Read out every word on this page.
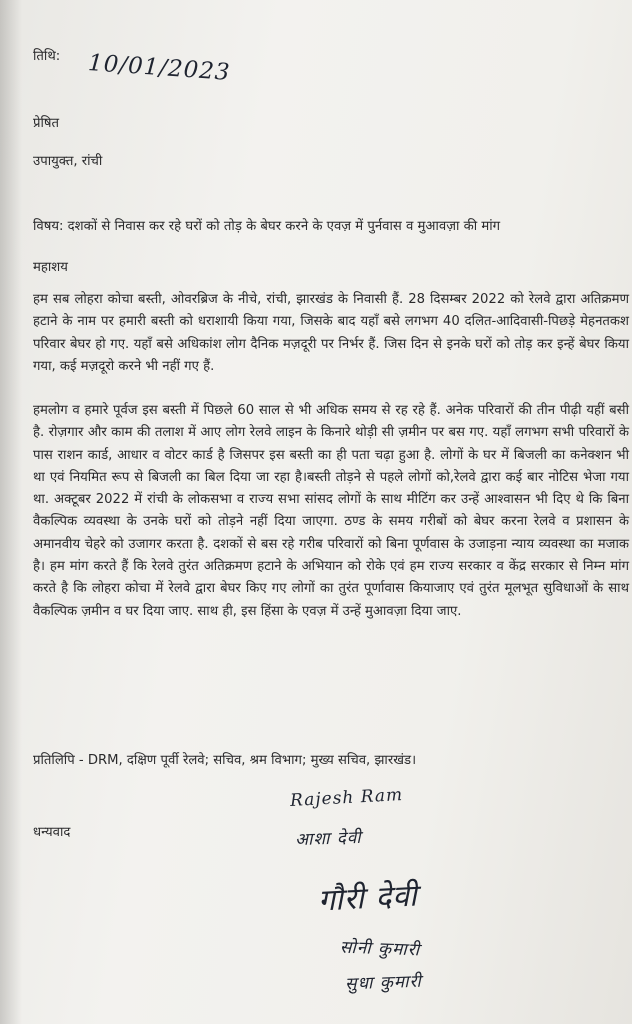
तिथि: 10/01/2023
प्रेषित
उपायुक्त, रांची
विषय: दशकों से निवास कर रहे घरों को तोड़ के बेघर करने के एवज़ में पुर्नवास व मुआवज़ा की मांग
महाशय
हम सब लोहरा कोचा बस्ती, ओवरब्रिज के नीचे, रांची, झारखंड के निवासी हैं. 28 दिसम्बर 2022 को रेलवे द्वारा अतिक्रमण हटाने के नाम पर हमारी बस्ती को धराशायी किया गया, जिसके बाद यहाँ बसे लगभग 40 दलित-आदिवासी-पिछड़े मेहनतकश परिवार बेघर हो गए. यहाँ बसे अधिकांश लोग दैनिक मज़दूरी पर निर्भर हैं. जिस दिन से इनके घरों को तोड़ कर इन्हें बेघर किया गया, कई मज़दूरो करने भी नहीं गए हैं.
हमलोग व हमारे पूर्वज इस बस्ती में पिछले 60 साल से भी अधिक समय से रह रहे हैं. अनेक परिवारों की तीन पीढ़ी यहीं बसी है. रोज़गार और काम की तलाश में आए लोग रेलवे लाइन के किनारे थोड़ी सी ज़मीन पर बस गए. यहाँ लगभग सभी परिवारों के पास राशन कार्ड, आधार व वोटर कार्ड है जिसपर इस बस्ती का ही पता चढ़ा हुआ है. लोगों के घर में बिजली का कनेक्शन भी था एवं नियमित रूप से बिजली का बिल दिया जा रहा है।बस्ती तोड़ने से पहले लोगों को,रेलवे द्वारा कई बार नोटिस भेजा गया था. अक्टूबर 2022 में रांची के लोकसभा व राज्य सभा सांसद लोगों के साथ मीटिंग कर उन्हें आश्वासन भी दिए थे कि बिना वैकल्पिक व्यवस्था के उनके घरों को तोड़ने नहीं दिया जाएगा. ठण्ड के समय गरीबों को बेघर करना रेलवे व प्रशासन के अमानवीय चेहरे को उजागर करता है. दशकों से बस रहे गरीब परिवारों को बिना पूर्णवास के उजाड़ना न्याय व्यवस्था का मजाक है। हम मांग करते हैं कि रेलवे तुरंत अतिक्रमण हटाने के अभियान को रोके एवं हम राज्य सरकार व केंद्र सरकार से निम्न मांग करते है कि लोहरा कोचा में रेलवे द्वारा बेघर किए गए लोगों का तुरंत पूर्णावास कियाजाए एवं तुरंत मूलभूत सुविधाओं के साथ वैकल्पिक ज़मीन व घर दिया जाए. साथ ही, इस हिंसा के एवज़ में उन्हें मुआवज़ा दिया जाए.
प्रतिलिपि - DRM, दक्षिण पूर्वी रेलवे; सचिव, श्रम विभाग; मुख्य सचिव, झारखंड।
धन्यवाद
Rajesh Ram
आशा देवी
गौरी देवी
सोनी कुमारी
सुधा कुमारी
